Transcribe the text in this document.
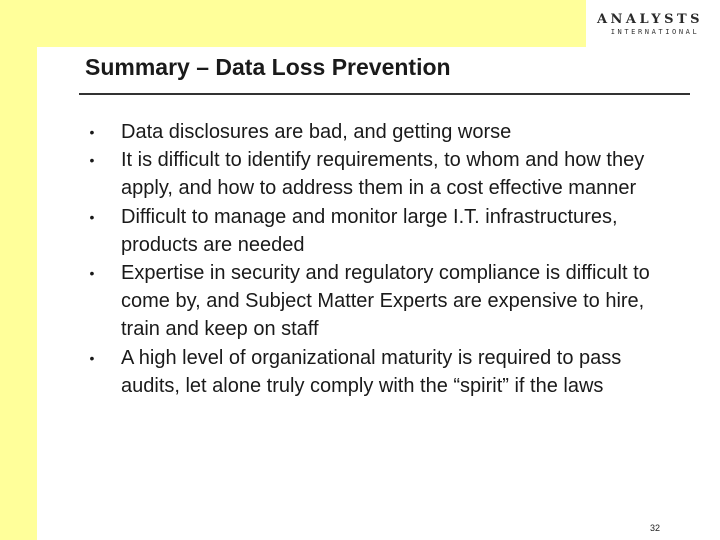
ANALYSTS
INTERNATIONAL
Summary – Data Loss Prevention
• Data disclosures are bad, and getting worse
• It is difficult to identify requirements, to whom and how they apply, and how to address them in a cost effective manner
• Difficult to manage and monitor large I.T. infrastructures, products are needed
• Expertise in security and regulatory compliance is difficult to come by, and Subject Matter Experts are expensive to hire, train and keep on staff
• A high level of organizational maturity is required to pass audits, let alone truly comply with the “spirit” if the laws
32
